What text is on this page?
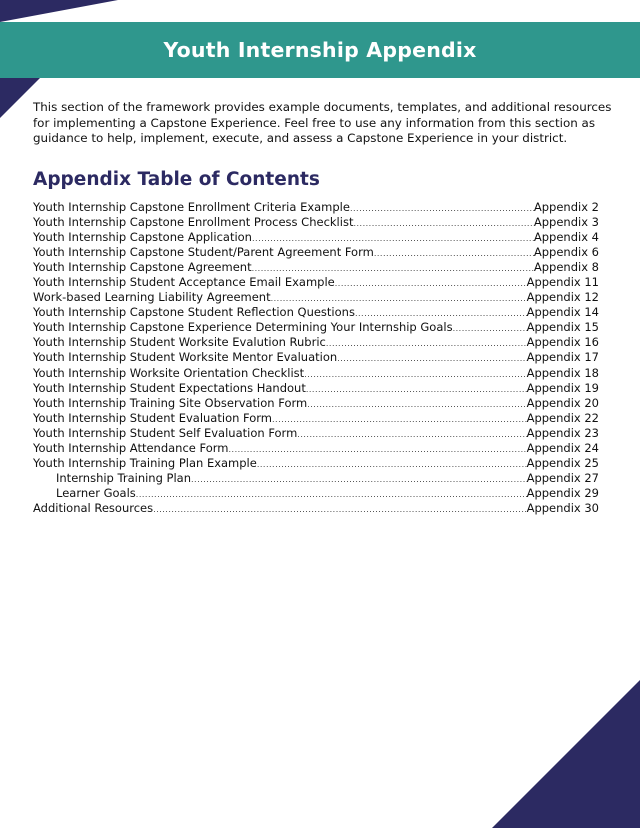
Youth Internship Appendix

This section of the framework provides example documents, templates, and additional resources for implementing a Capstone Experience. Feel free to use any information from this section as guidance to help, implement, execute, and assess a Capstone Experience in your district.

Appendix Table of Contents
Youth Internship Capstone Enrollment Criteria Example .....	Appendix 2
Youth Internship Capstone Enrollment Process Checklist .....	Appendix 3
Youth Internship Capstone Application .....	Appendix 4
Youth Internship Capstone Student/Parent Agreement Form .....	Appendix 6
Youth Internship Capstone Agreement .....	Appendix 8
Youth Internship Student Acceptance Email Example .....	Appendix 11
Work-based Learning Liability Agreement .....	Appendix 12
Youth Internship Capstone Student Reflection Questions .....	Appendix 14
Youth Internship Capstone Experience Determining Your Internship Goals .....	Appendix 15
Youth Internship Student Worksite Evalution Rubric .....	Appendix 16
Youth Internship Student Worksite Mentor Evaluation .....	Appendix 17
Youth Internship Worksite Orientation Checklist .....	Appendix 18
Youth Internship Student Expectations Handout .....	Appendix 19
Youth Internship Training Site Observation Form .....	Appendix 20
Youth Internship Student Evaluation Form .....	Appendix 22
Youth Internship Student Self Evaluation Form .....	Appendix 23
Youth Internship Attendance Form .....	Appendix 24
Youth Internship Training Plan Example .....	Appendix 25
Internship Training Plan .....	Appendix 27
Learner Goals .....	Appendix 29
Additional Resources .....	Appendix 30
